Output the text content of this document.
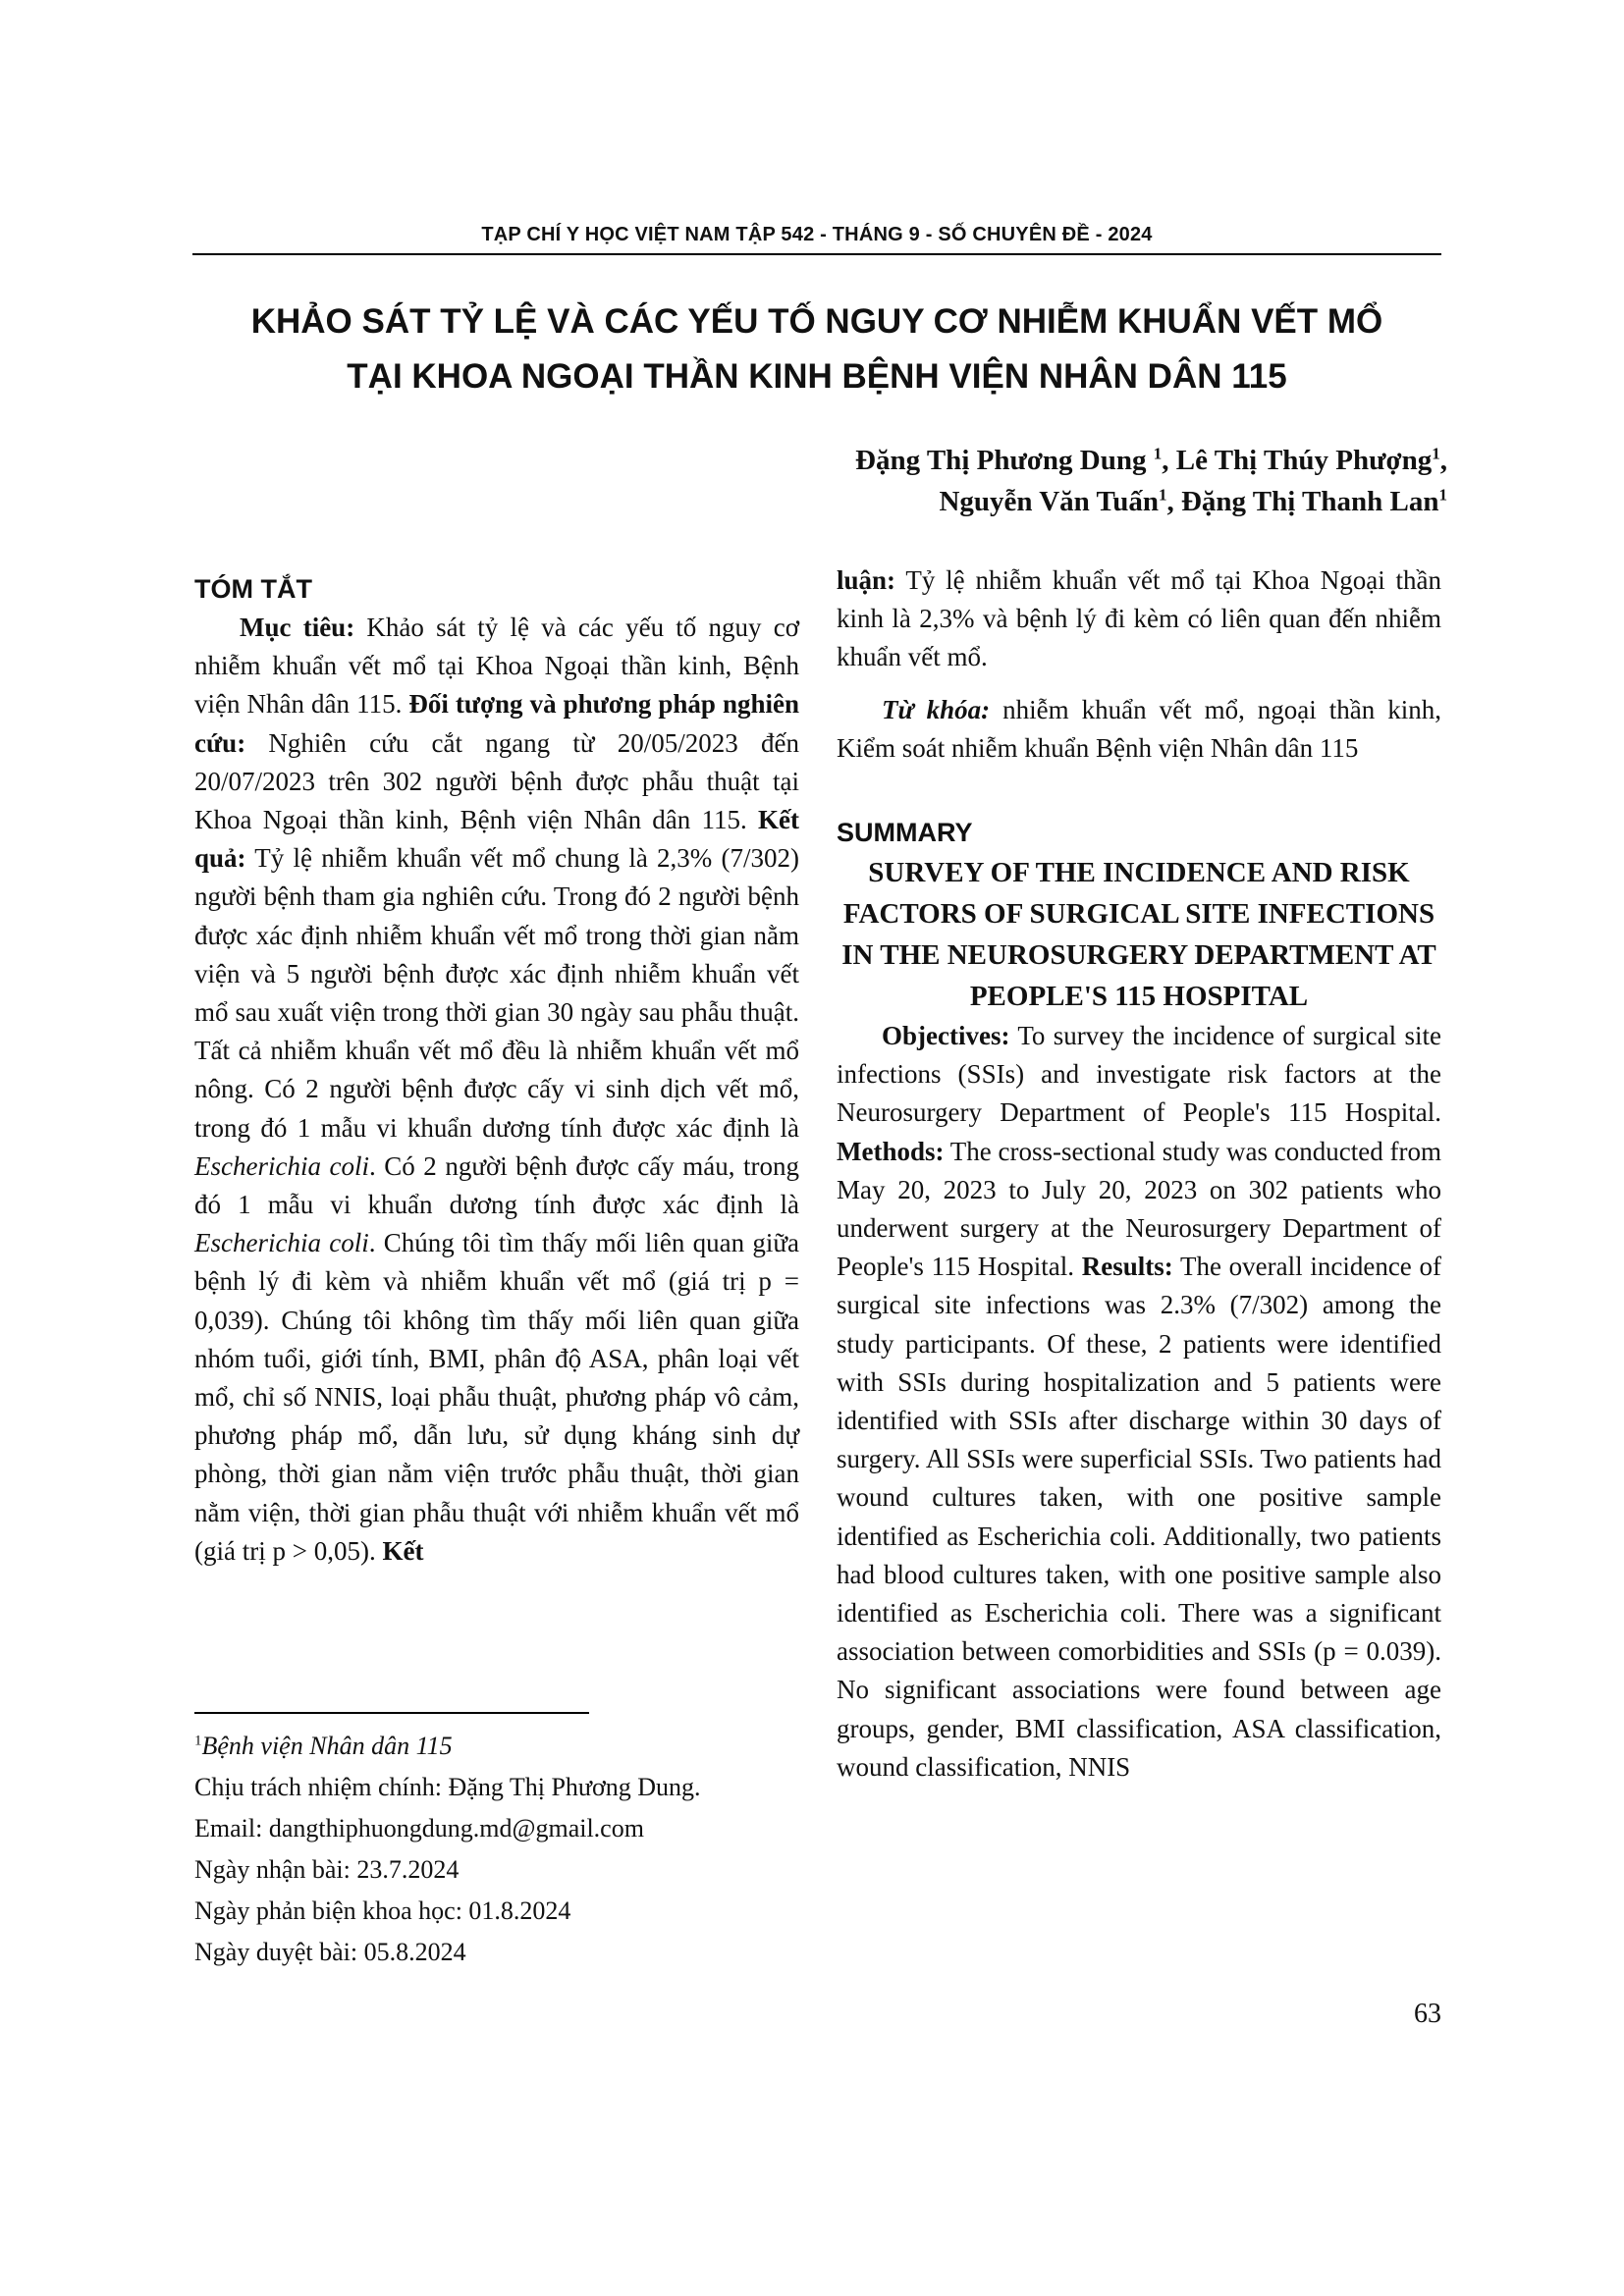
TẠP CHÍ Y HỌC VIỆT NAM TẬP 542 - THÁNG 9 - SỐ CHUYÊN ĐỀ - 2024
KHẢO SÁT TỶ LỆ VÀ CÁC YẾU TỐ NGUY CƠ NHIỄM KHUẨN VẾT MỔ
TẠI KHOA NGOẠI THẦN KINH BỆNH VIỆN NHÂN DÂN 115
Đặng Thị Phương Dung $^1$, Lê Thị Thúy Phượng$^1$,
Nguyễn Văn Tuấn$^1$, Đặng Thị Thanh Lan$^1$
TÓM TẮT

Mục tiêu: Khảo sát tỷ lệ và các yếu tố nguy cơ nhiễm khuẩn vết mổ tại Khoa Ngoại thần kinh, Bệnh viện Nhân dân 115. Đối tượng và phương pháp nghiên cứu: Nghiên cứu cắt ngang từ 20/05/2023 đến 20/07/2023 trên 302 người bệnh được phẫu thuật tại Khoa Ngoại thần kinh, Bệnh viện Nhân dân 115. Kết quả: Tỷ lệ nhiễm khuẩn vết mổ chung là 2,3% (7/302) người bệnh tham gia nghiên cứu. Trong đó 2 người bệnh được xác định nhiễm khuẩn vết mổ trong thời gian nằm viện và 5 người bệnh được xác định nhiễm khuẩn vết mổ sau xuất viện trong thời gian 30 ngày sau phẫu thuật. Tất cả nhiễm khuẩn vết mổ đều là nhiễm khuẩn vết mổ nông. Có 2 người bệnh được cấy vi sinh dịch vết mổ, trong đó 1 mẫu vi khuẩn dương tính được xác định là Escherichia coli. Có 2 người bệnh được cấy máu, trong đó 1 mẫu vi khuẩn dương tính được xác định là Escherichia coli. Chúng tôi tìm thấy mối liên quan giữa bệnh lý đi kèm và nhiễm khuẩn vết mổ (giá trị p = 0,039). Chúng tôi không tìm thấy mối liên quan giữa nhóm tuổi, giới tính, BMI, phân độ ASA, phân loại vết mổ, chỉ số NNIS, loại phẫu thuật, phương pháp vô cảm, phương pháp mổ, dẫn lưu, sử dụng kháng sinh dự phòng, thời gian nằm viện trước phẫu thuật, thời gian nằm viện, thời gian phẫu thuật với nhiễm khuẩn vết mổ (giá trị p > 0,05). Kết

$^1$Bệnh viện Nhân dân 115
Chịu trách nhiệm chính: Đặng Thị Phương Dung.
Email: dangthiphuongdung.md@gmail.com
Ngày nhận bài: 23.7.2024
Ngày phản biện khoa học: 01.8.2024
Ngày duyệt bài: 05.8.2024

luận: Tỷ lệ nhiễm khuẩn vết mổ tại Khoa Ngoại thần kinh là 2,3% và bệnh lý đi kèm có liên quan đến nhiễm khuẩn vết mổ.

Từ khóa: nhiễm khuẩn vết mổ, ngoại thần kinh, Kiểm soát nhiễm khuẩn Bệnh viện Nhân dân 115

SUMMARY
SURVEY OF THE INCIDENCE AND RISK FACTORS OF SURGICAL SITE INFECTIONS IN THE NEUROSURGERY DEPARTMENT AT PEOPLE'S 115 HOSPITAL

Objectives: To survey the incidence of surgical site infections (SSIs) and investigate risk factors at the Neurosurgery Department of People's 115 Hospital. Methods: The cross-sectional study was conducted from May 20, 2023 to July 20, 2023 on 302 patients who underwent surgery at the Neurosurgery Department of People's 115 Hospital. Results: The overall incidence of surgical site infections was 2.3% (7/302) among the study participants. Of these, 2 patients were identified with SSIs during hospitalization and 5 patients were identified with SSIs after discharge within 30 days of surgery. All SSIs were superficial SSIs. Two patients had wound cultures taken, with one positive sample identified as Escherichia coli. Additionally, two patients had blood cultures taken, with one positive sample also identified as Escherichia coli. There was a significant association between comorbidities and SSIs (p = 0.039). No significant associations were found between age groups, gender, BMI classification, ASA classification, wound classification, NNIS

63
